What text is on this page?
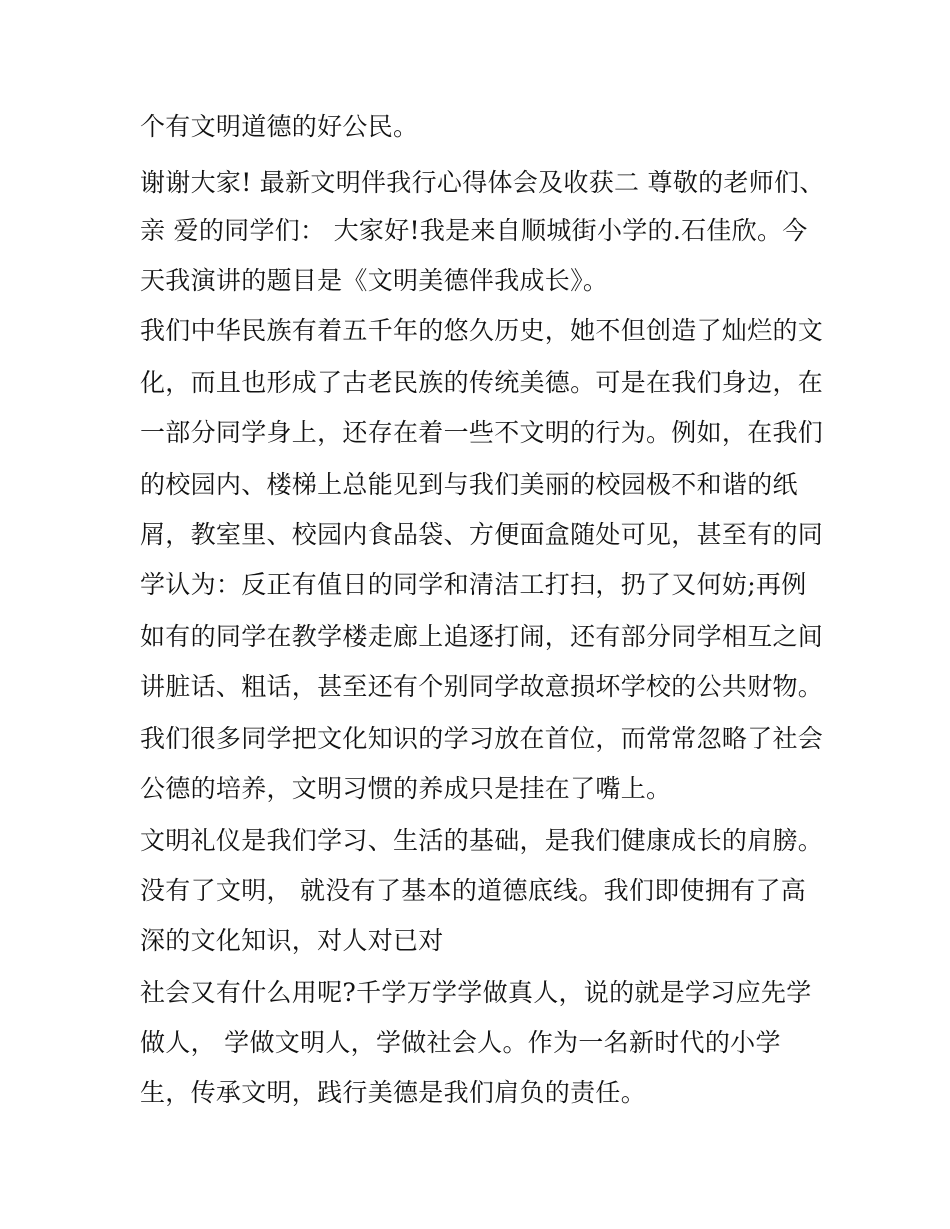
个有文明道德的好公民。
谢谢大家! 最新文明伴我行心得体会及收获二 尊敬的老师们、
亲 爱的同学们： 大家好!我是来自顺城街小学的.石佳欣。今
天我演讲的题目是《文明美德伴我成长》。
我们中华民族有着五千年的悠久历史，她不但创造了灿烂的文
化，而且也形成了古老民族的传统美德。可是在我们身边，在
一部分同学身上，还存在着一些不文明的行为。例如，在我们
的校园内、楼梯上总能见到与我们美丽的校园极不和谐的纸
屑，教室里、校园内食品袋、方便面盒随处可见，甚至有的同
学认为：反正有值日的同学和清洁工打扫，扔了又何妨;再例
如有的同学在教学楼走廊上追逐打闹，还有部分同学相互之间
讲脏话、粗话，甚至还有个别同学故意损坏学校的公共财物。
我们很多同学把文化知识的学习放在首位，而常常忽略了社会
公德的培养，文明习惯的养成只是挂在了嘴上。
文明礼仪是我们学习、生活的基础，是我们健康成长的肩膀。
没有了文明， 就没有了基本的道德底线。我们即使拥有了高
深的文化知识，对人对已对
社会又有什么用呢?千学万学学做真人，说的就是学习应先学
做人， 学做文明人，学做社会人。作为一名新时代的小学
生，传承文明，践行美德是我们肩负的责任。
